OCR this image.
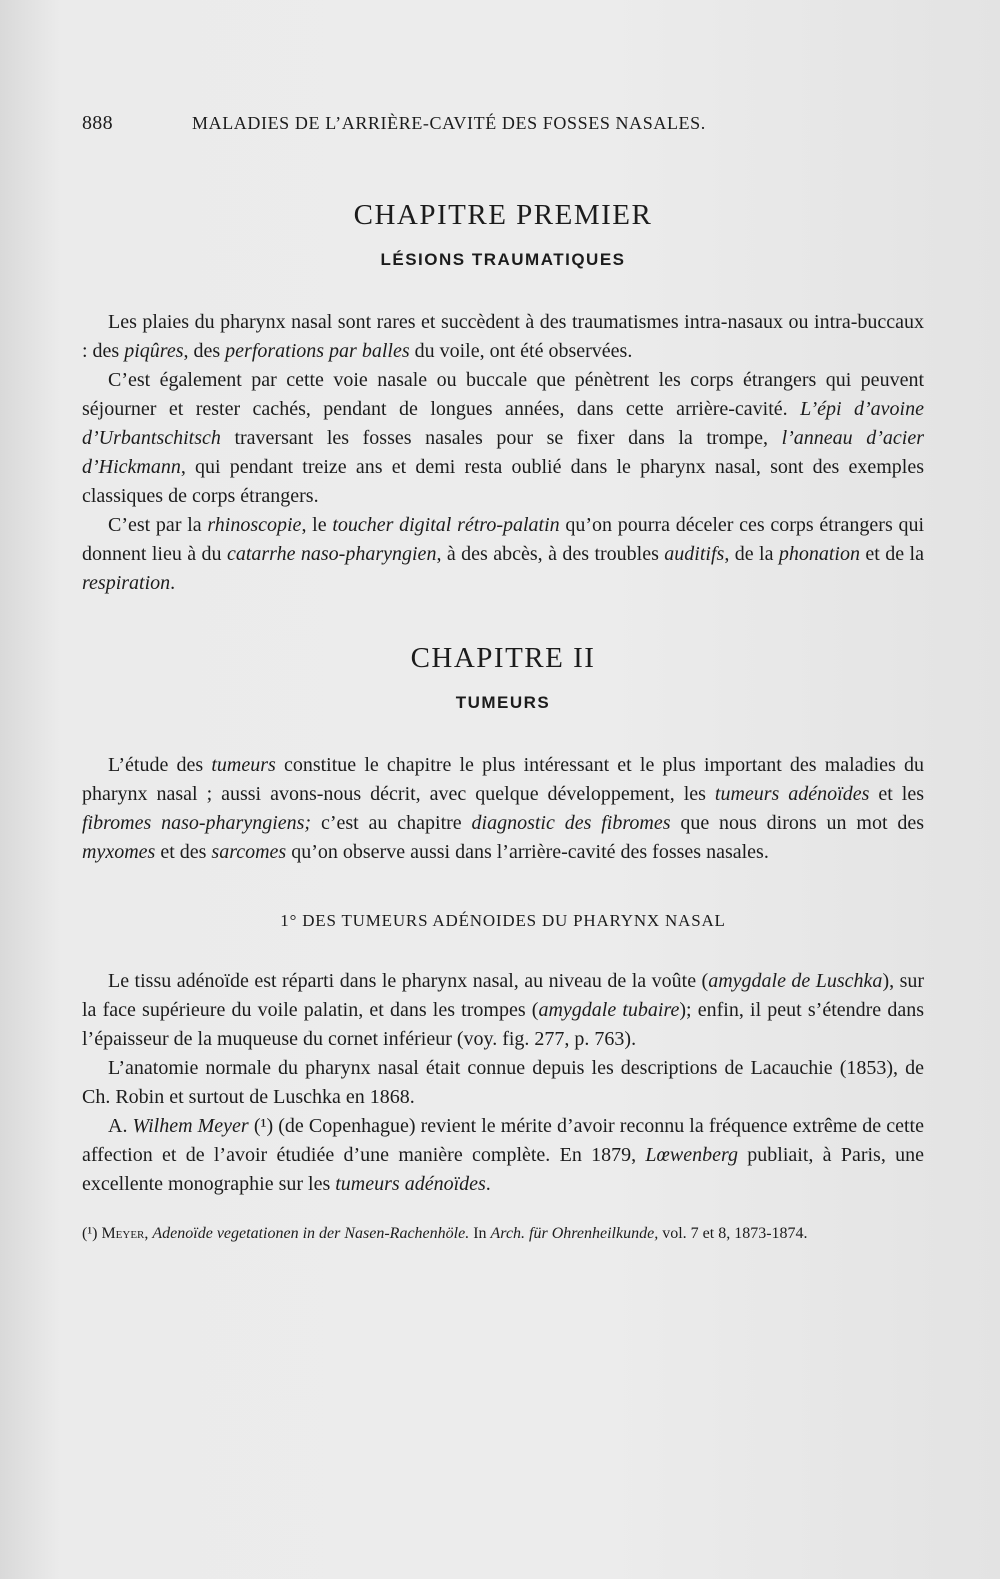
888	MALADIES DE L’ARRIÈRE-CAVITÉ DES FOSSES NASALES.
CHAPITRE PREMIER
LÉSIONS TRAUMATIQUES

Les plaies du pharynx nasal sont rares et succèdent à des traumatismes intra-nasaux ou intra-buccaux : des piqûres, des perforations par balles du voile, ont été observées.

C’est également par cette voie nasale ou buccale que pénètrent les corps étrangers qui peuvent séjourner et rester cachés, pendant de longues années, dans cette arrière-cavité. L’épi d’avoine d’Urbantschitsch traversant les fosses nasales pour se fixer dans la trompe, l’anneau d’acier d’Hickmann, qui pendant treize ans et demi resta oublié dans le pharynx nasal, sont des exemples classiques de corps étrangers.

C’est par la rhinoscopie, le toucher digital rétro-palatin qu’on pourra déceler ces corps étrangers qui donnent lieu à du catarrhe naso-pharyngien, à des abcès, à des troubles auditifs, de la phonation et de la respiration.

CHAPITRE II
TUMEURS

L’étude des tumeurs constitue le chapitre le plus intéressant et le plus important des maladies du pharynx nasal ; aussi avons-nous décrit, avec quelque développement, les tumeurs adénoïdes et les fibromes naso-pharyngiens; c’est au chapitre diagnostic des fibromes que nous dirons un mot des myxomes et des sarcomes qu’on observe aussi dans l’arrière-cavité des fosses nasales.

1° DES TUMEURS ADÉNOIDES DU PHARYNX NASAL

Le tissu adénoïde est réparti dans le pharynx nasal, au niveau de la voûte (amygdale de Luschka), sur la face supérieure du voile palatin, et dans les trompes (amygdale tubaire); enfin, il peut s’étendre dans l’épaisseur de la muqueuse du cornet inférieur (voy. fig. 277, p. 763).

L’anatomie normale du pharynx nasal était connue depuis les descriptions de Lacauchie (1853), de Ch. Robin et surtout de Luschka en 1868.

A. Wilhem Meyer (¹) (de Copenhague) revient le mérite d’avoir reconnu la fréquence extrême de cette affection et de l’avoir étudiée d’une manière complète. En 1879, Lœwenberg publiait, à Paris, une excellente monographie sur les tumeurs adénoïdes.

(¹) Meyer, Adenoïde vegetationen in der Nasen-Rachenhöle. In Arch. für Ohrenheilkunde, vol. 7 et 8, 1873-1874.
